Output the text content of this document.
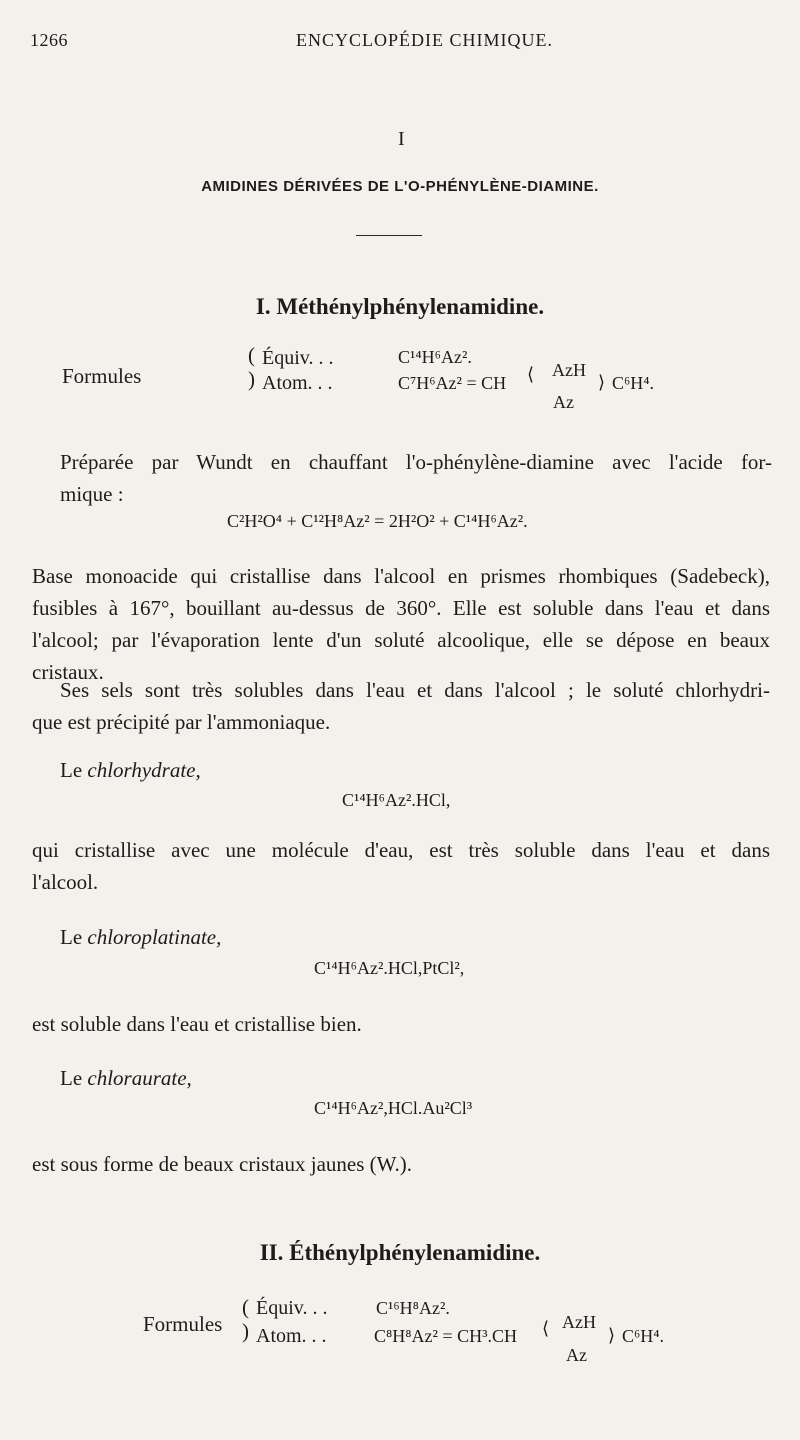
1266	ENCYCLOPÉDIE CHIMIQUE.
I
AMIDINES DÉRIVÉES DE L'O-PHÉNYLÈNE-DIAMINE.
I. Méthénylphénylenamidine.
Formules
(
)
Équiv. . .	C¹⁴H⁶Az².
Atom. . .	C⁷H⁶Az² = CH ⟨ AzH
Az
⟩ C⁶H⁴.
Préparée par Wundt en chauffant l'o-phénylène-diamine avec l'acide for-
mique :
C²H²O⁴ + C¹²H⁸Az² = 2H²O² + C¹⁴H⁶Az².
Base monoacide qui cristallise dans l'alcool en prismes rhombiques (Sadebeck),
fusibles à 167°, bouillant au-dessus de 360°. Elle est soluble dans l'eau et dans
l'alcool; par l'évaporation lente d'un soluté alcoolique, elle se dépose en beaux
cristaux.
Ses sels sont très solubles dans l'eau et dans l'alcool ; le soluté chlorhydri-
que est précipité par l'ammoniaque.
Le chlorhydrate,
C¹⁴H⁶Az².HCl,
qui cristallise avec une molécule d'eau, est très soluble dans l'eau et dans
l'alcool.
Le chloroplatinate,
C¹⁴H⁶Az².HCl,PtCl²,
est soluble dans l'eau et cristallise bien.
Le chloraurate,
C¹⁴H⁶Az²,HCl.Au²Cl³
est sous forme de beaux cristaux jaunes (W.).
II. Éthénylphénylenamidine.
Formules
(
)
Équiv. . .	C¹⁶H⁸Az².
Atom. . .	C⁸H⁸Az² = CH³.CH ⟨ AzH
Az
⟩ C⁶H⁴.
